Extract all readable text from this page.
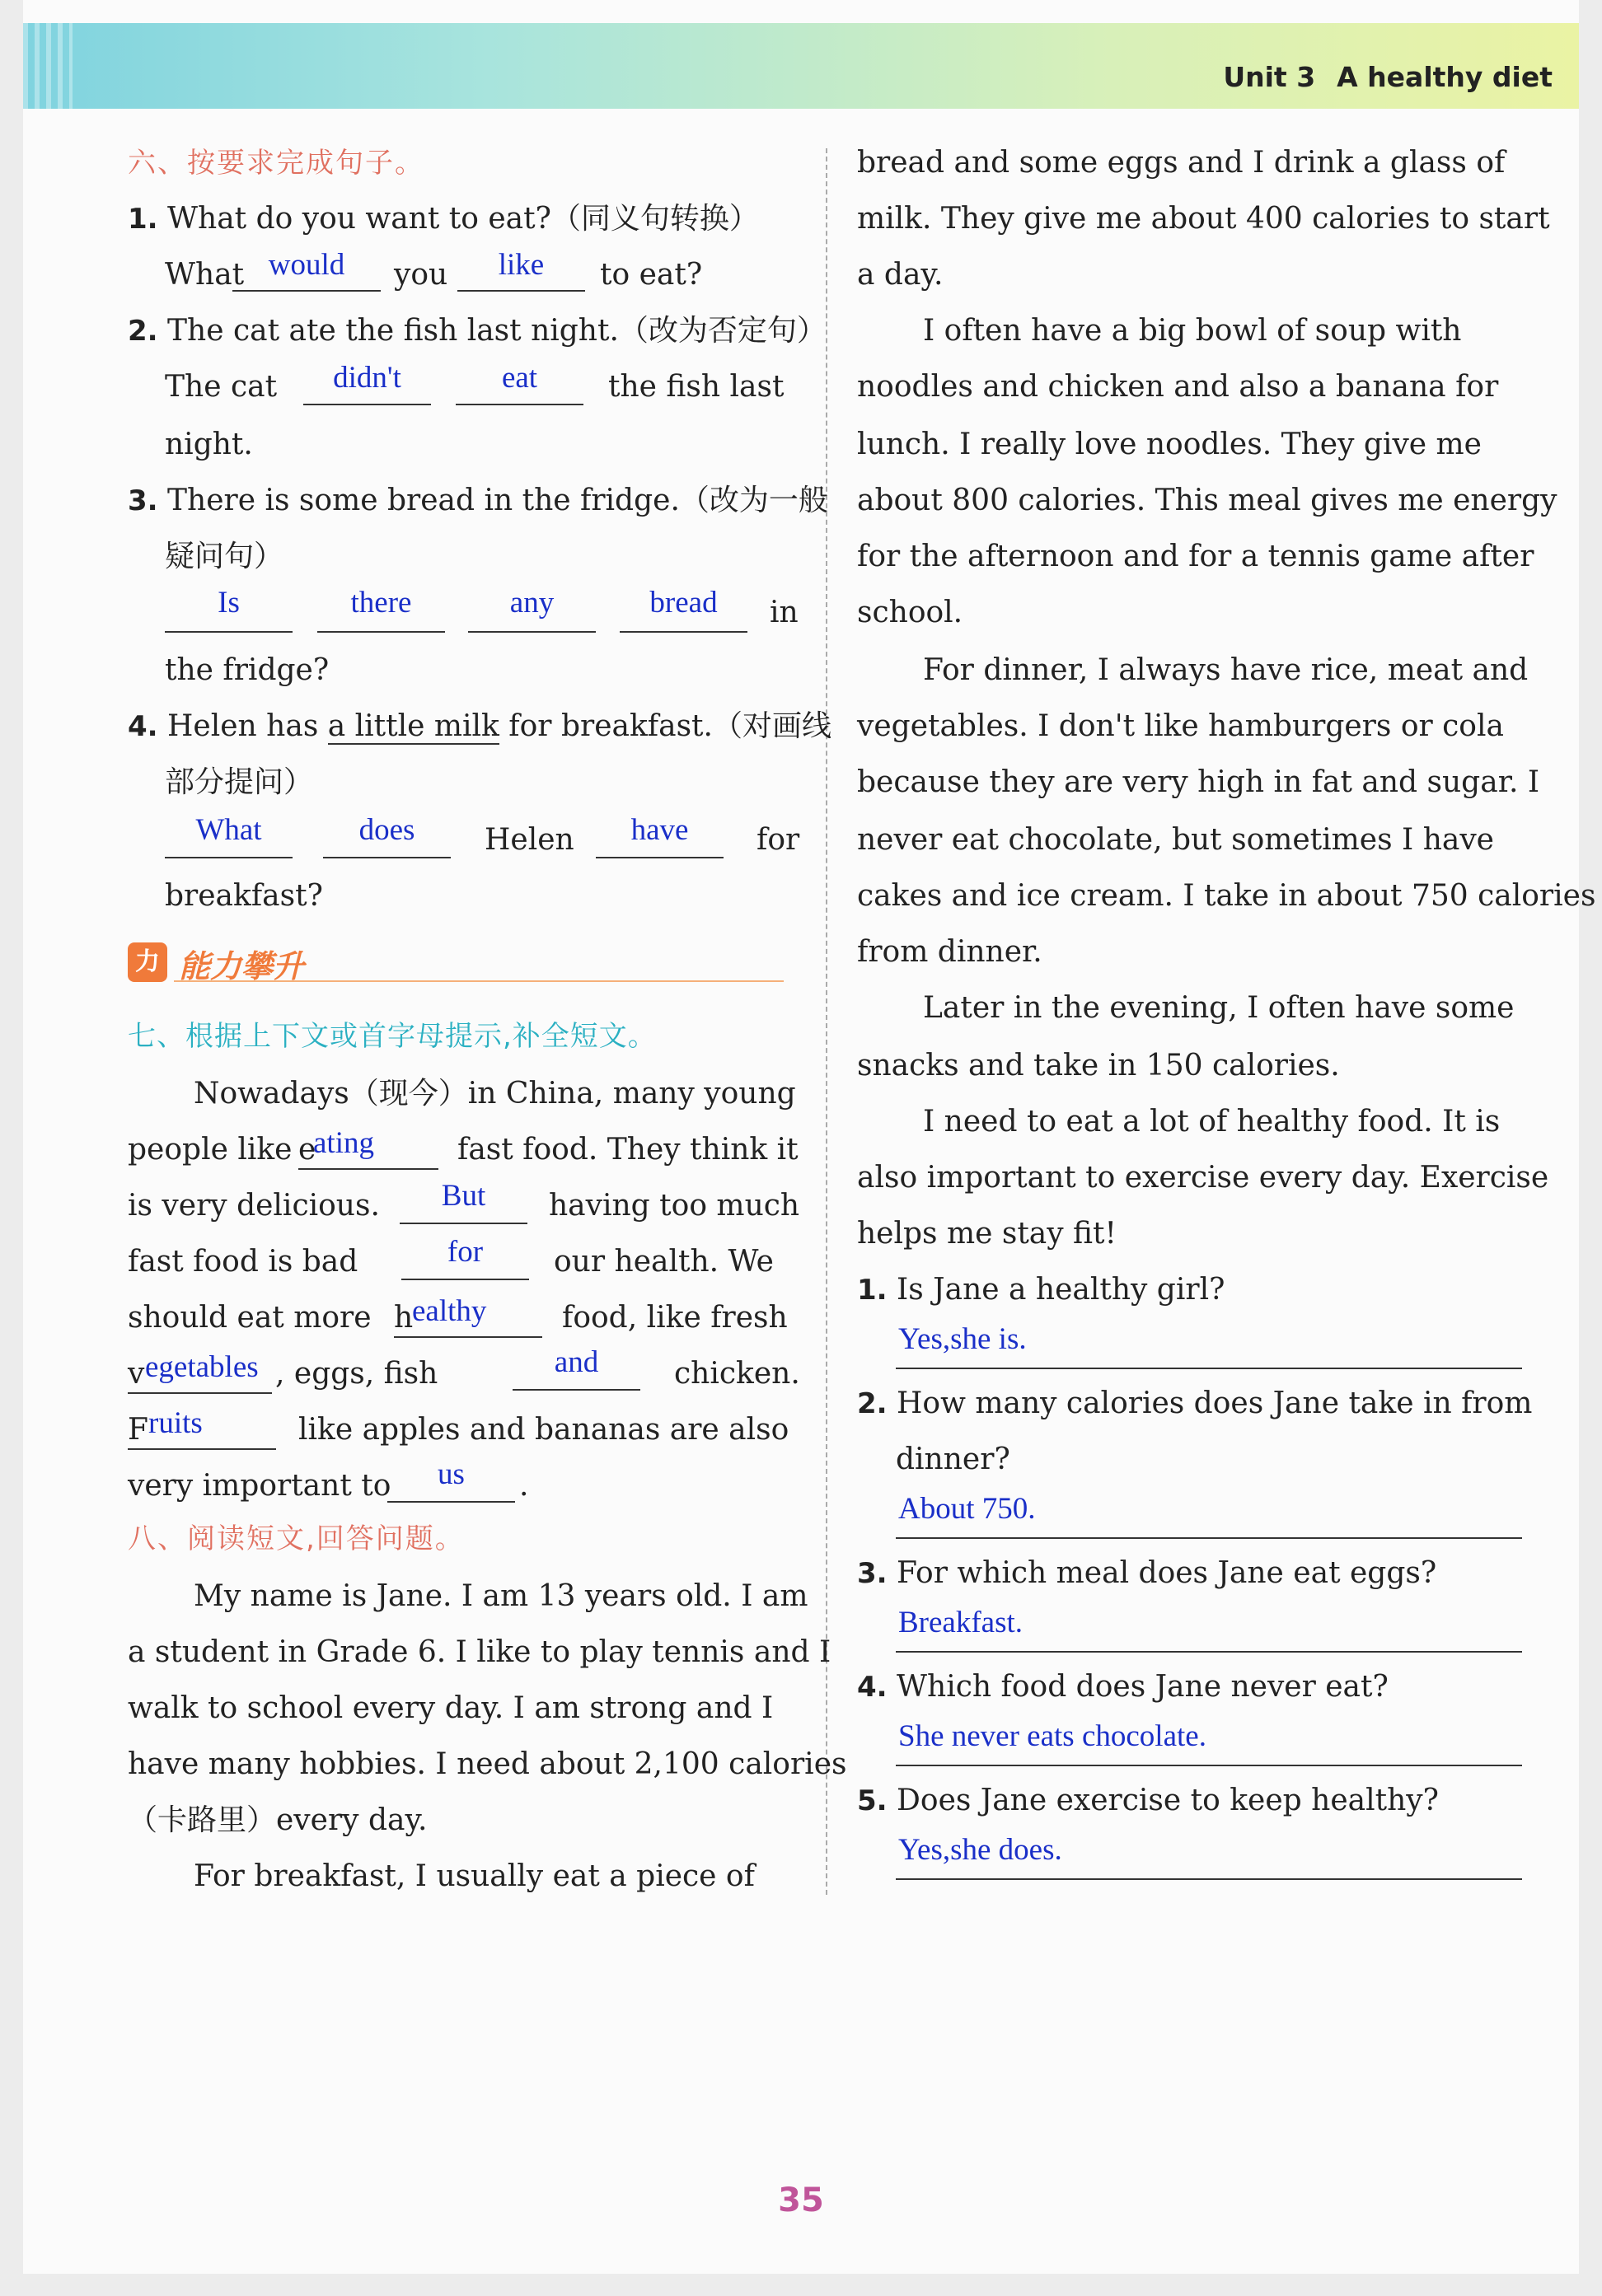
Unit 3 A healthy diet
六、按要求完成句子。
1. What do you want to eat?（同义句转换）
What would	you	like	to eat?
2. The cat ate the fish last night.（改为否定句）
The cat	didn't	eat	the fish last
night.
3. There is some bread in the fridge.（改为一般
疑问句）
Is	there	any	bread	in
the fridge?
4. Helen has a little milk for breakfast.（对画线
部分提问）
What	does	Helen	have	for
breakfast?
力 能力攀升
七、根据上下文或首字母提示,补全短文。
Nowadays（现今）in China, many young
people like e
ating	fast food. They think it
is very delicious.	But	having too much
fast food is bad	for	our health. We
should eat more h
ealthy	food, like fresh
v egetables , eggs, fish	and	chicken.
F ruits	like apples and bananas are also
very important to	us	.
八、阅读短文,回答问题。
My name is Jane. I am 13 years old. I am
a student in Grade 6. I like to play tennis and I
walk to school every day. I am strong and I
have many hobbies. I need about 2,100 calories
（卡路里）every day.
For breakfast, I usually eat a piece of
bread and some eggs and I drink a glass of
milk. They give me about 400 calories to start
a day.
I often have a big bowl of soup with
noodles and chicken and also a banana for
lunch. I really love noodles. They give me
about 800 calories. This meal gives me energy
for the afternoon and for a tennis game after
school.
For dinner, I always have rice, meat and
vegetables. I don't like hamburgers or cola
because they are very high in fat and sugar. I
never eat chocolate, but sometimes I have
cakes and ice cream. I take in about 750 calories
from dinner.
Later in the evening, I often have some
snacks and take in 150 calories.
I need to eat a lot of healthy food. It is
also important to exercise every day. Exercise
helps me stay fit!
1. Is Jane a healthy girl?
Yes,she is.
2. How many calories does Jane take in from
dinner?
About 750.
3. For which meal does Jane eat eggs?
Breakfast.
4. Which food does Jane never eat?
She never eats chocolate.
5. Does Jane exercise to keep healthy?
Yes,she does.
35
